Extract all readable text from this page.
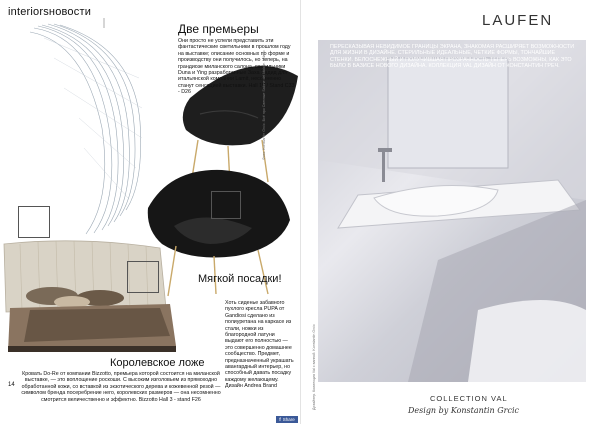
interiorsновости
Две премьеры

Они просто не успели представить эти фантастические светильники в прошлом году на выставке; описание основных по форме и производству они получилось, но теперь, на грандиозе миланского салона, светильники Duna и Ying разработанные Заха Хадид для итальянской компании Lamit, несомненно станут сенсацией выставки. Hall 15 / Stand C33 - D26

Мягкой посадки!

Хоть сиденье забавного пухлого кресла PUPA от Gandiosi сделано из полиуретана на каркасе из стали, ножки из благородной латуни выдают его полностью — это совершенно домашнее сообщество. Предмет, предназначенный украшать авангардный интерьер, но способный давать посадку каждому желающему. Дизайн Andrea Brand

Королевское ложе

Кровать Do-Re от компании Bizzotto, премьера которой состоится на миланской выставке, — это воплощение роскоши. С высоким изголовьем из прямоходно обработанной кожи, со вставкой из экзотического дерева и кожевенной резой — символом бренда посеребрение него, королевских размеров — она несомненно смотрится величественно и эффектно. Bizzotto Hall 3 - stand F26

14
f Share
Фото: Konstantin Grcic. Всё про Светлые Salone del Mobile. Milano
LAUFEN

ПЕРЕСКАЗЫВАЯ НЕВИДИМОЕ ГРАНИЦЫ ЭКРАНА, ЗНАКОМАЯ РАСШИРЯЕТ ВОЗМОЖНОСТИ ДЛЯ ЖИЗНИ В ДИЗАЙНЕ. СТЕРИЛЬНЫЕ ИДЕАЛЬНЫЕ, ЧЕТКИЕ ФОРМЫ, ТОНЧАЙШИЕ СТЕНКИ. БЕЛОСНЕЖНЫЙ И ПОЛУЧИВШАЯ ПРОЗРАЧНОСТЬ ТЕПЕРЬ ВОЗМОЖНЫ, КАК ЭТО БЫЛО В БАЗИСЕ НОВОГО ДИЗАЙНА. КОЛЛЕКЦИЯ VAL ДИЗАЙН ОТ КОНСТАНТИН ГРЕЧ.

Дизайнер. Коллекция Val с ванной. Konstantin Grcic	COLLECTION VAL
Design by Konstantin Grcic
